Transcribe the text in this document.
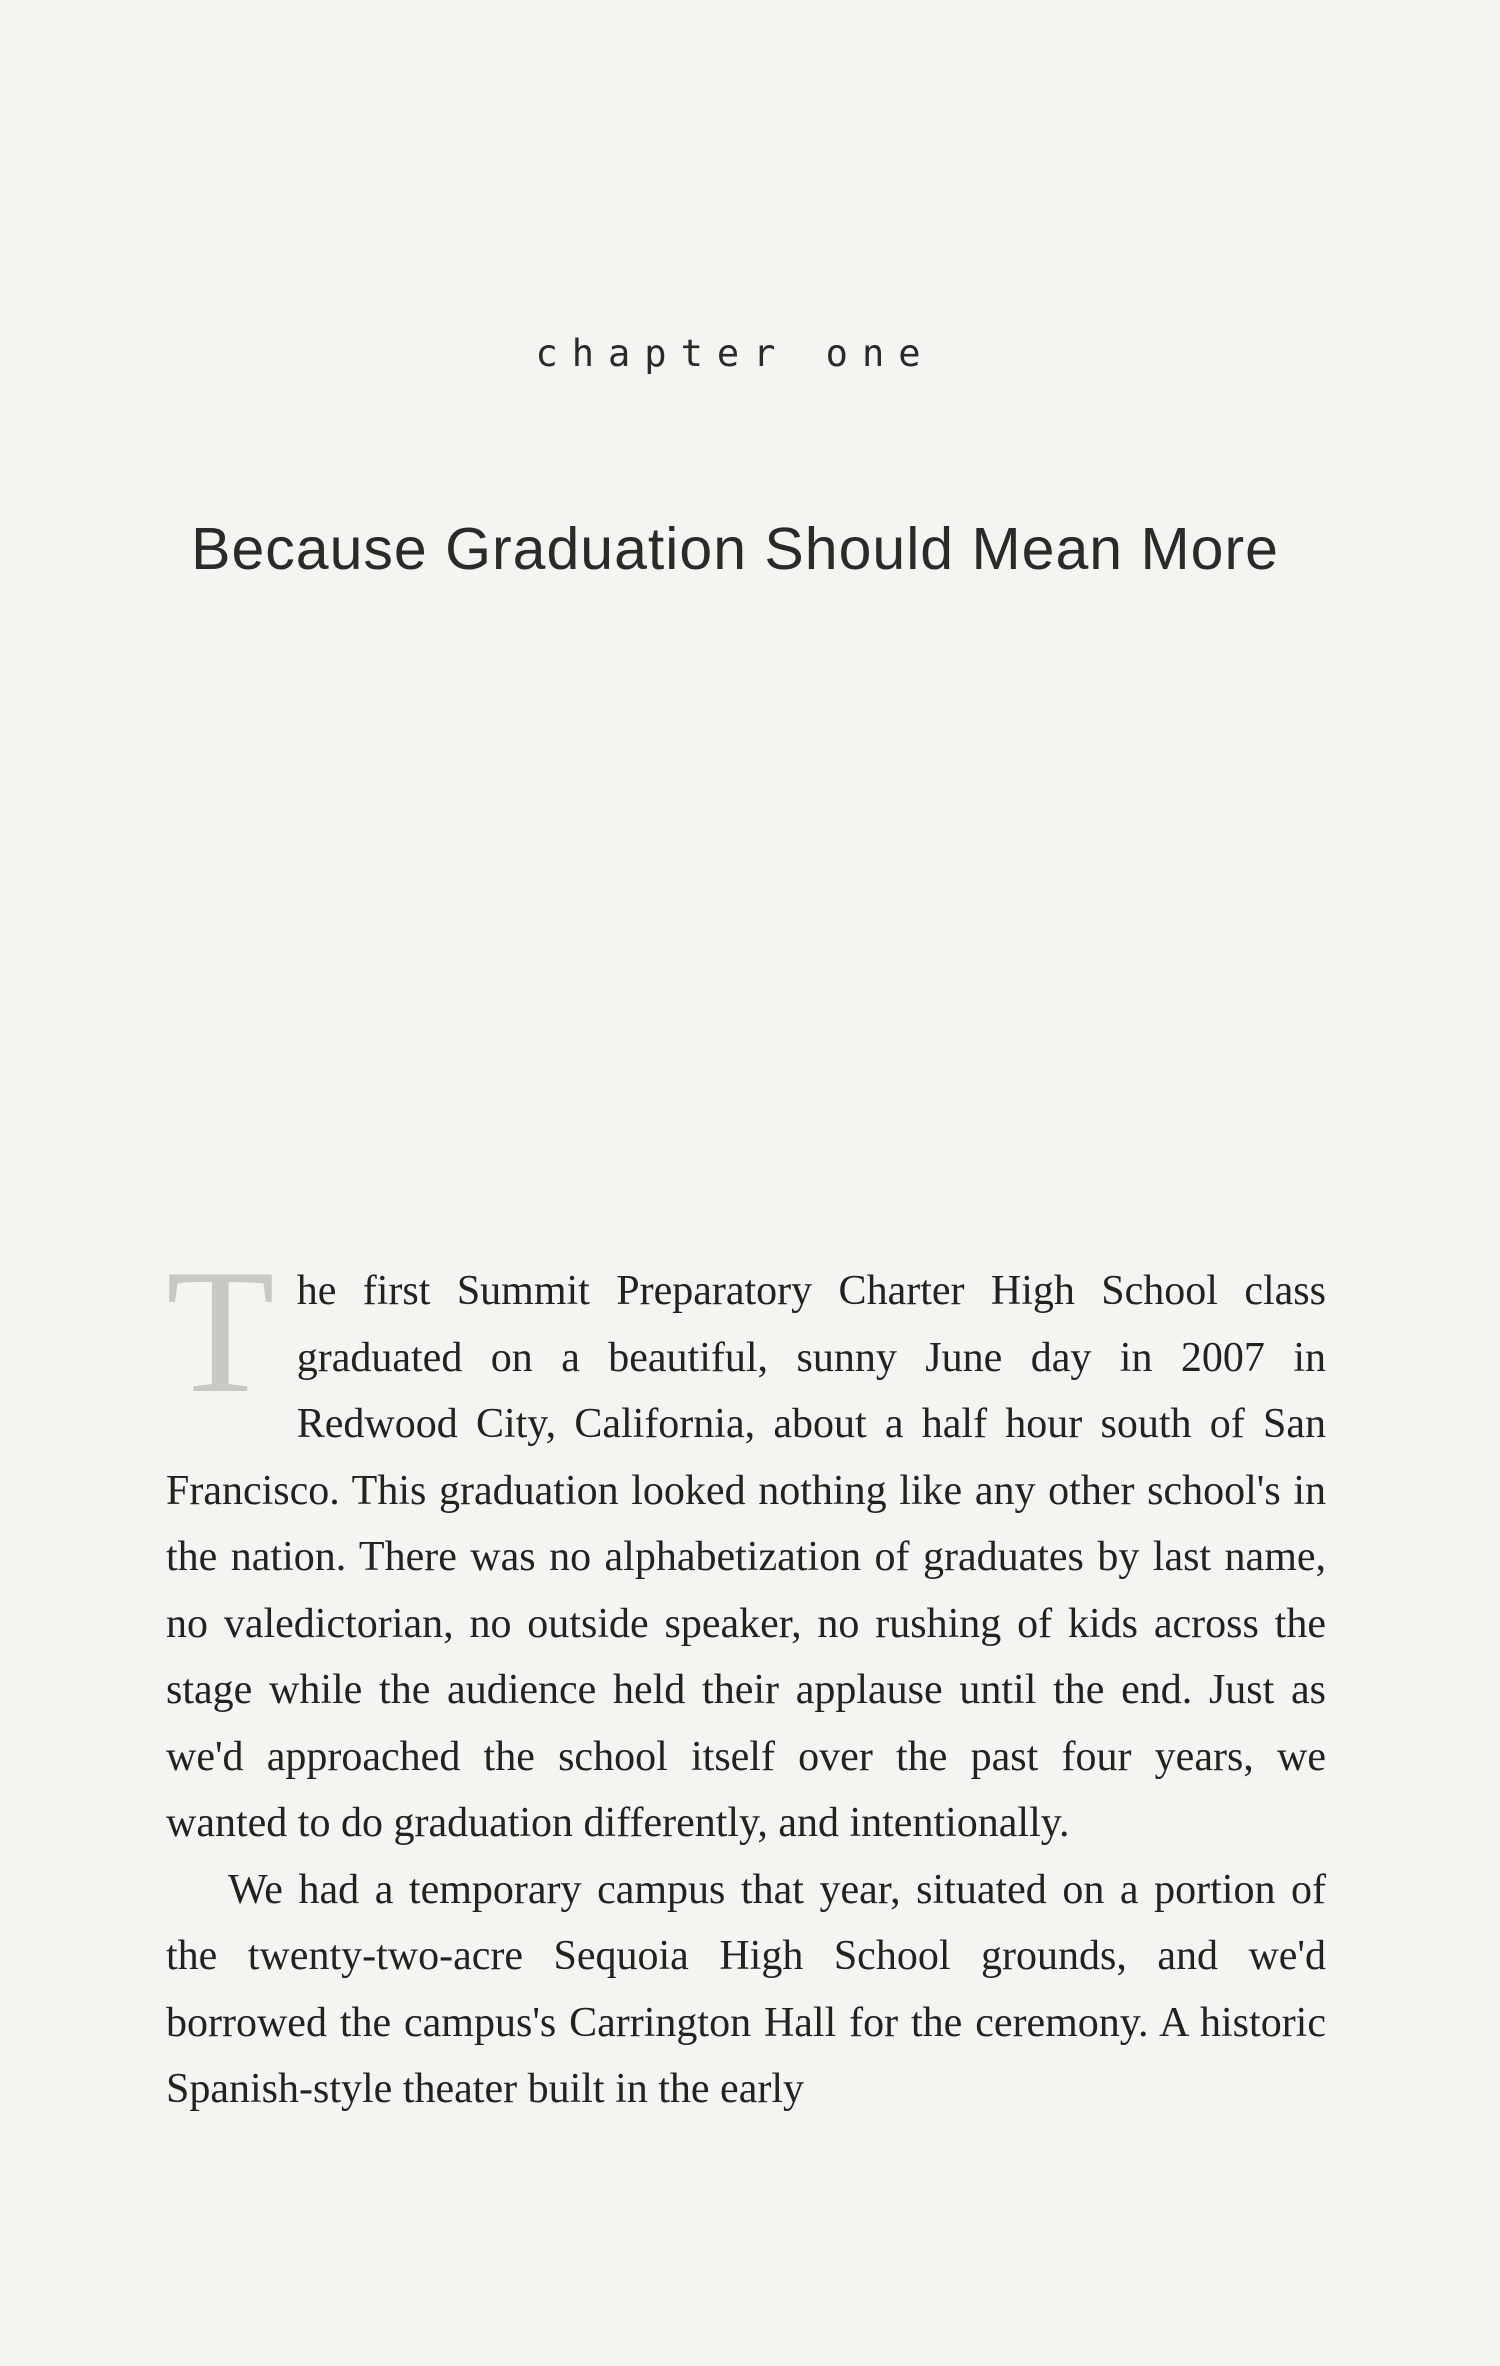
chapter one
Because Graduation Should Mean More

The first Summit Preparatory Charter High School class graduated on a beautiful, sunny June day in 2007 in Redwood City, California, about a half hour south of San Francisco. This graduation looked nothing like any other school's in the nation. There was no alphabetization of graduates by last name, no valedictorian, no outside speaker, no rushing of kids across the stage while the audience held their applause until the end. Just as we'd approached the school itself over the past four years, we wanted to do graduation differently, and intentionally.

We had a temporary campus that year, situated on a portion of the twenty-two-acre Sequoia High School grounds, and we'd borrowed the campus's Carrington Hall for the ceremony. A historic Spanish-style theater built in the early
